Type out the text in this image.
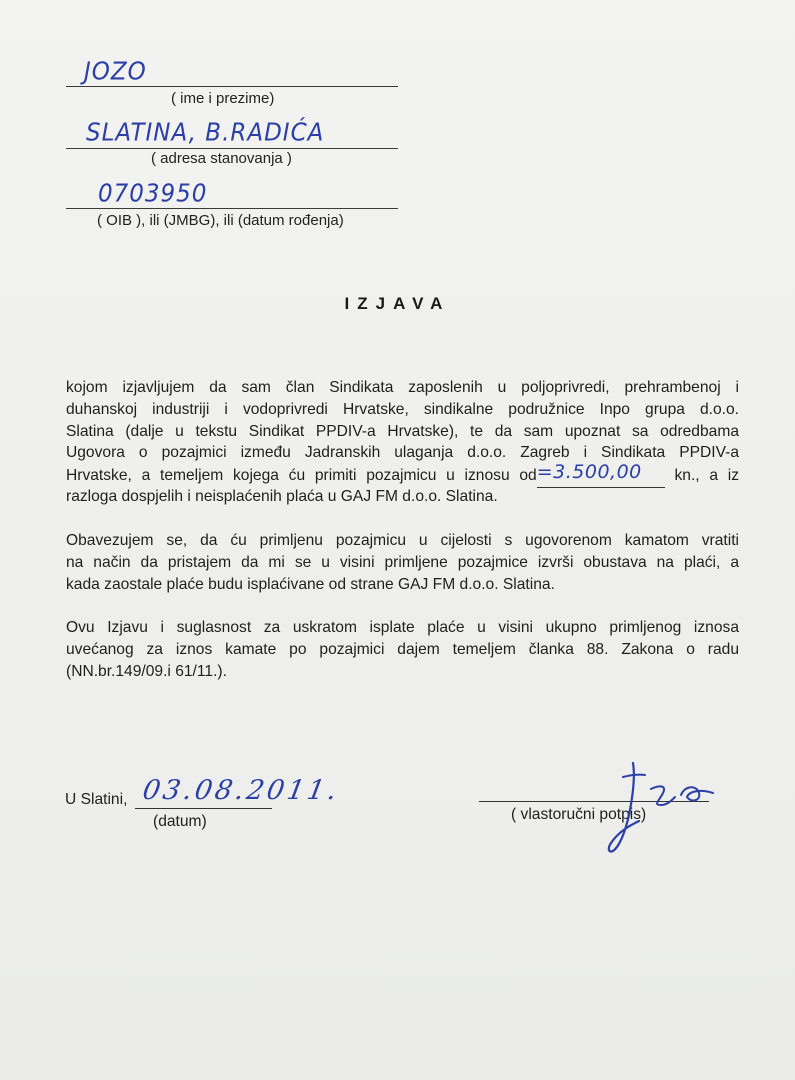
JOZO
( ime i prezime)
SLATINA, B.RADIĆA
( adresa stanovanja )
0703950
( OIB ), ili (JMBG), ili (datum rođenja)
IZJAVA
kojom izjavljujem da sam član Sindikata zaposlenih u poljoprivredi, prehrambenoj i
duhanskoj industriji i vodoprivredi Hrvatske, sindikalne podružnice Inpo grupa d.o.o.
Slatina (dalje u tekstu Sindikat PPDIV-a Hrvatske), te da sam upoznat sa odredbama
Ugovora o pozajmici između Jadranskih ulaganja d.o.o. Zagreb i Sindikata PPDIV-a
Hrvatske, a temeljem kojega ću primiti pozajmicu u iznosu od=3.500,00 kn., a iz
razloga dospjelih i neisplaćenih plaća u GAJ FM d.o.o. Slatina.
Obavezujem se, da ću primljenu pozajmicu u cijelosti s ugovorenom kamatom vratiti
na način da pristajem da mi se u visini primljene pozajmice izvrši obustava na plaći, a
kada zaostale plaće budu isplaćivane od strane GAJ FM d.o.o. Slatina.
Ovu Izjavu i suglasnost za uskratom isplate plaće u visini ukupno primljenog iznosa
uvećanog za iznos kamate po pozajmici dajem temeljem članka 88. Zakona o radu
(NN.br.149/09.i 61/11.).
U Slatini, 03.08.2011.
(datum)	( vlastoručni potpis)
